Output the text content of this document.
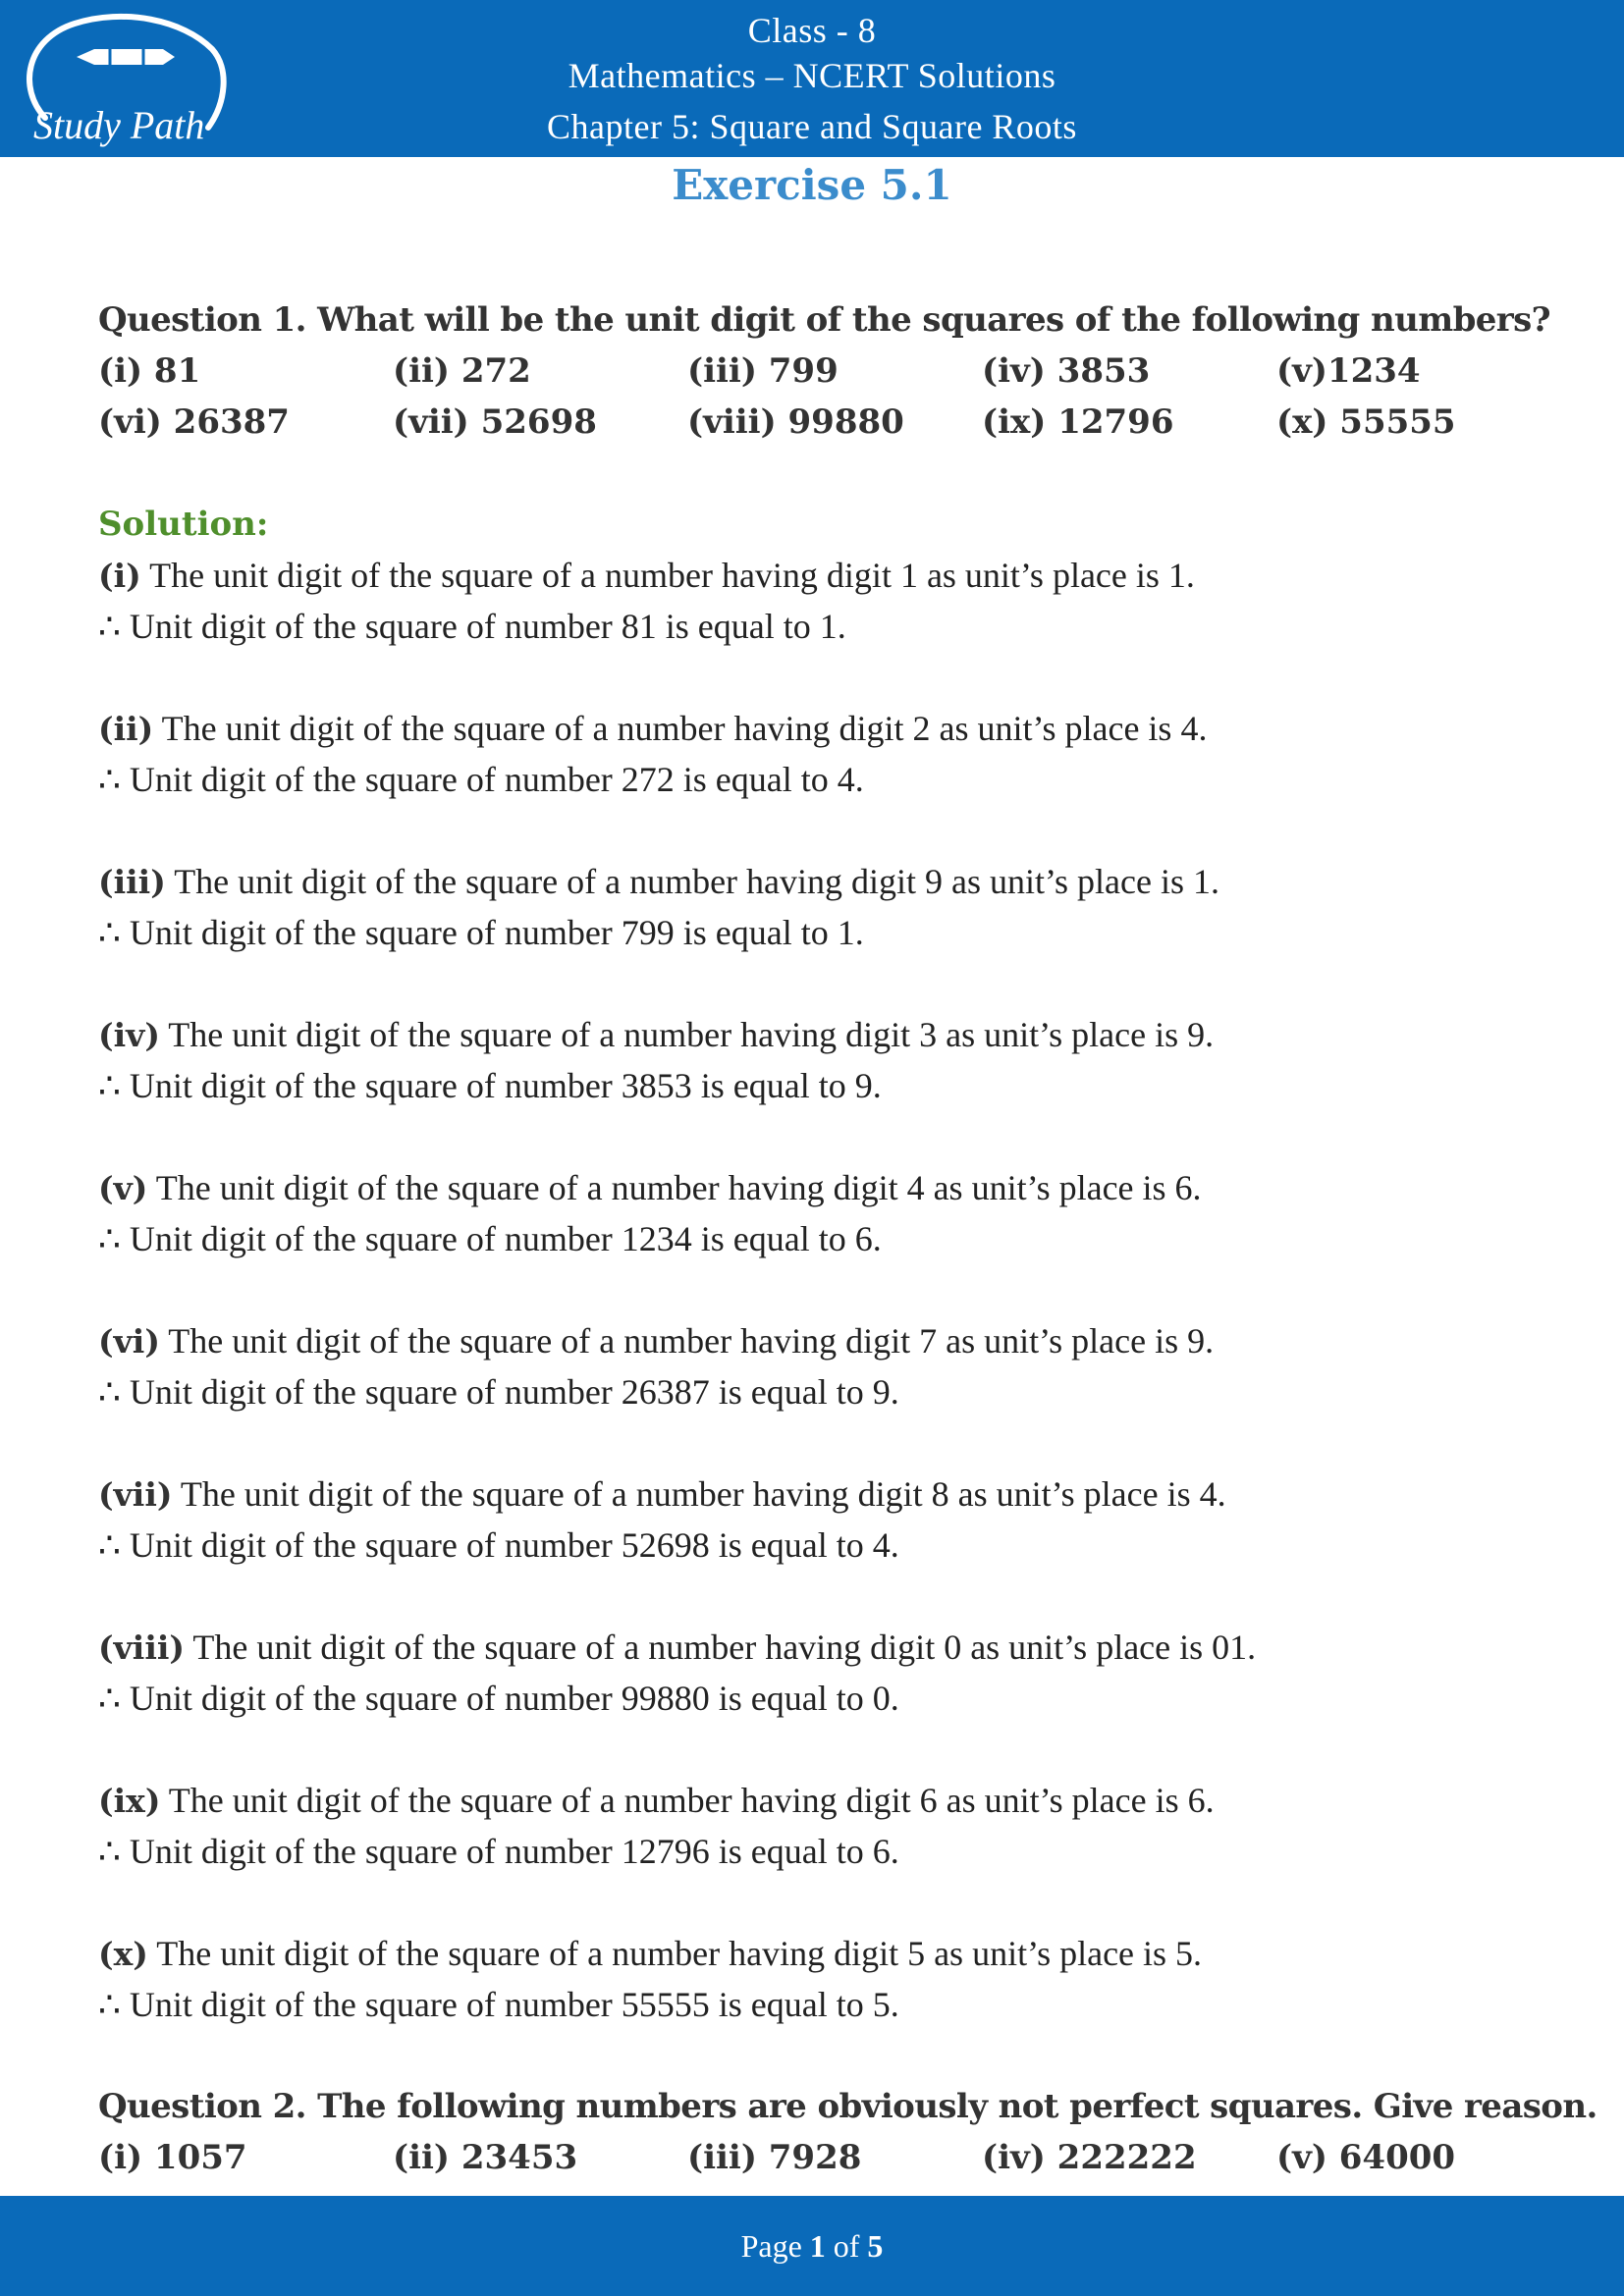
Study Path
Class - 8
Mathematics – NCERT Solutions
Chapter 5: Square and Square Roots
Exercise 5.1
Question 1. What will be the unit digit of the squares of the following numbers?
(i) 81	(ii) 272	(iii) 799	(iv) 3853	(v)1234
(vi) 26387	(vii) 52698	(viii) 99880	(ix) 12796	(x) 55555
Solution:
(i) The unit digit of the square of a number having digit 1 as unit’s place is 1.
∴ Unit digit of the square of number 81 is equal to 1.
(ii) The unit digit of the square of a number having digit 2 as unit’s place is 4.
∴ Unit digit of the square of number 272 is equal to 4.
(iii) The unit digit of the square of a number having digit 9 as unit’s place is 1.
∴ Unit digit of the square of number 799 is equal to 1.
(iv) The unit digit of the square of a number having digit 3 as unit’s place is 9.
∴ Unit digit of the square of number 3853 is equal to 9.
(v) The unit digit of the square of a number having digit 4 as unit’s place is 6.
∴ Unit digit of the square of number 1234 is equal to 6.
(vi) The unit digit of the square of a number having digit 7 as unit’s place is 9.
∴ Unit digit of the square of number 26387 is equal to 9.
(vii) The unit digit of the square of a number having digit 8 as unit’s place is 4.
∴ Unit digit of the square of number 52698 is equal to 4.
(viii) The unit digit of the square of a number having digit 0 as unit’s place is 01.
∴ Unit digit of the square of number 99880 is equal to 0.
(ix) The unit digit of the square of a number having digit 6 as unit’s place is 6.
∴ Unit digit of the square of number 12796 is equal to 6.
(x) The unit digit of the square of a number having digit 5 as unit’s place is 5.
∴ Unit digit of the square of number 55555 is equal to 5.
Question 2. The following numbers are obviously not perfect squares. Give reason.
(i) 1057	(ii) 23453	(iii) 7928	(iv) 222222	(v) 64000
Page 1 of 5
